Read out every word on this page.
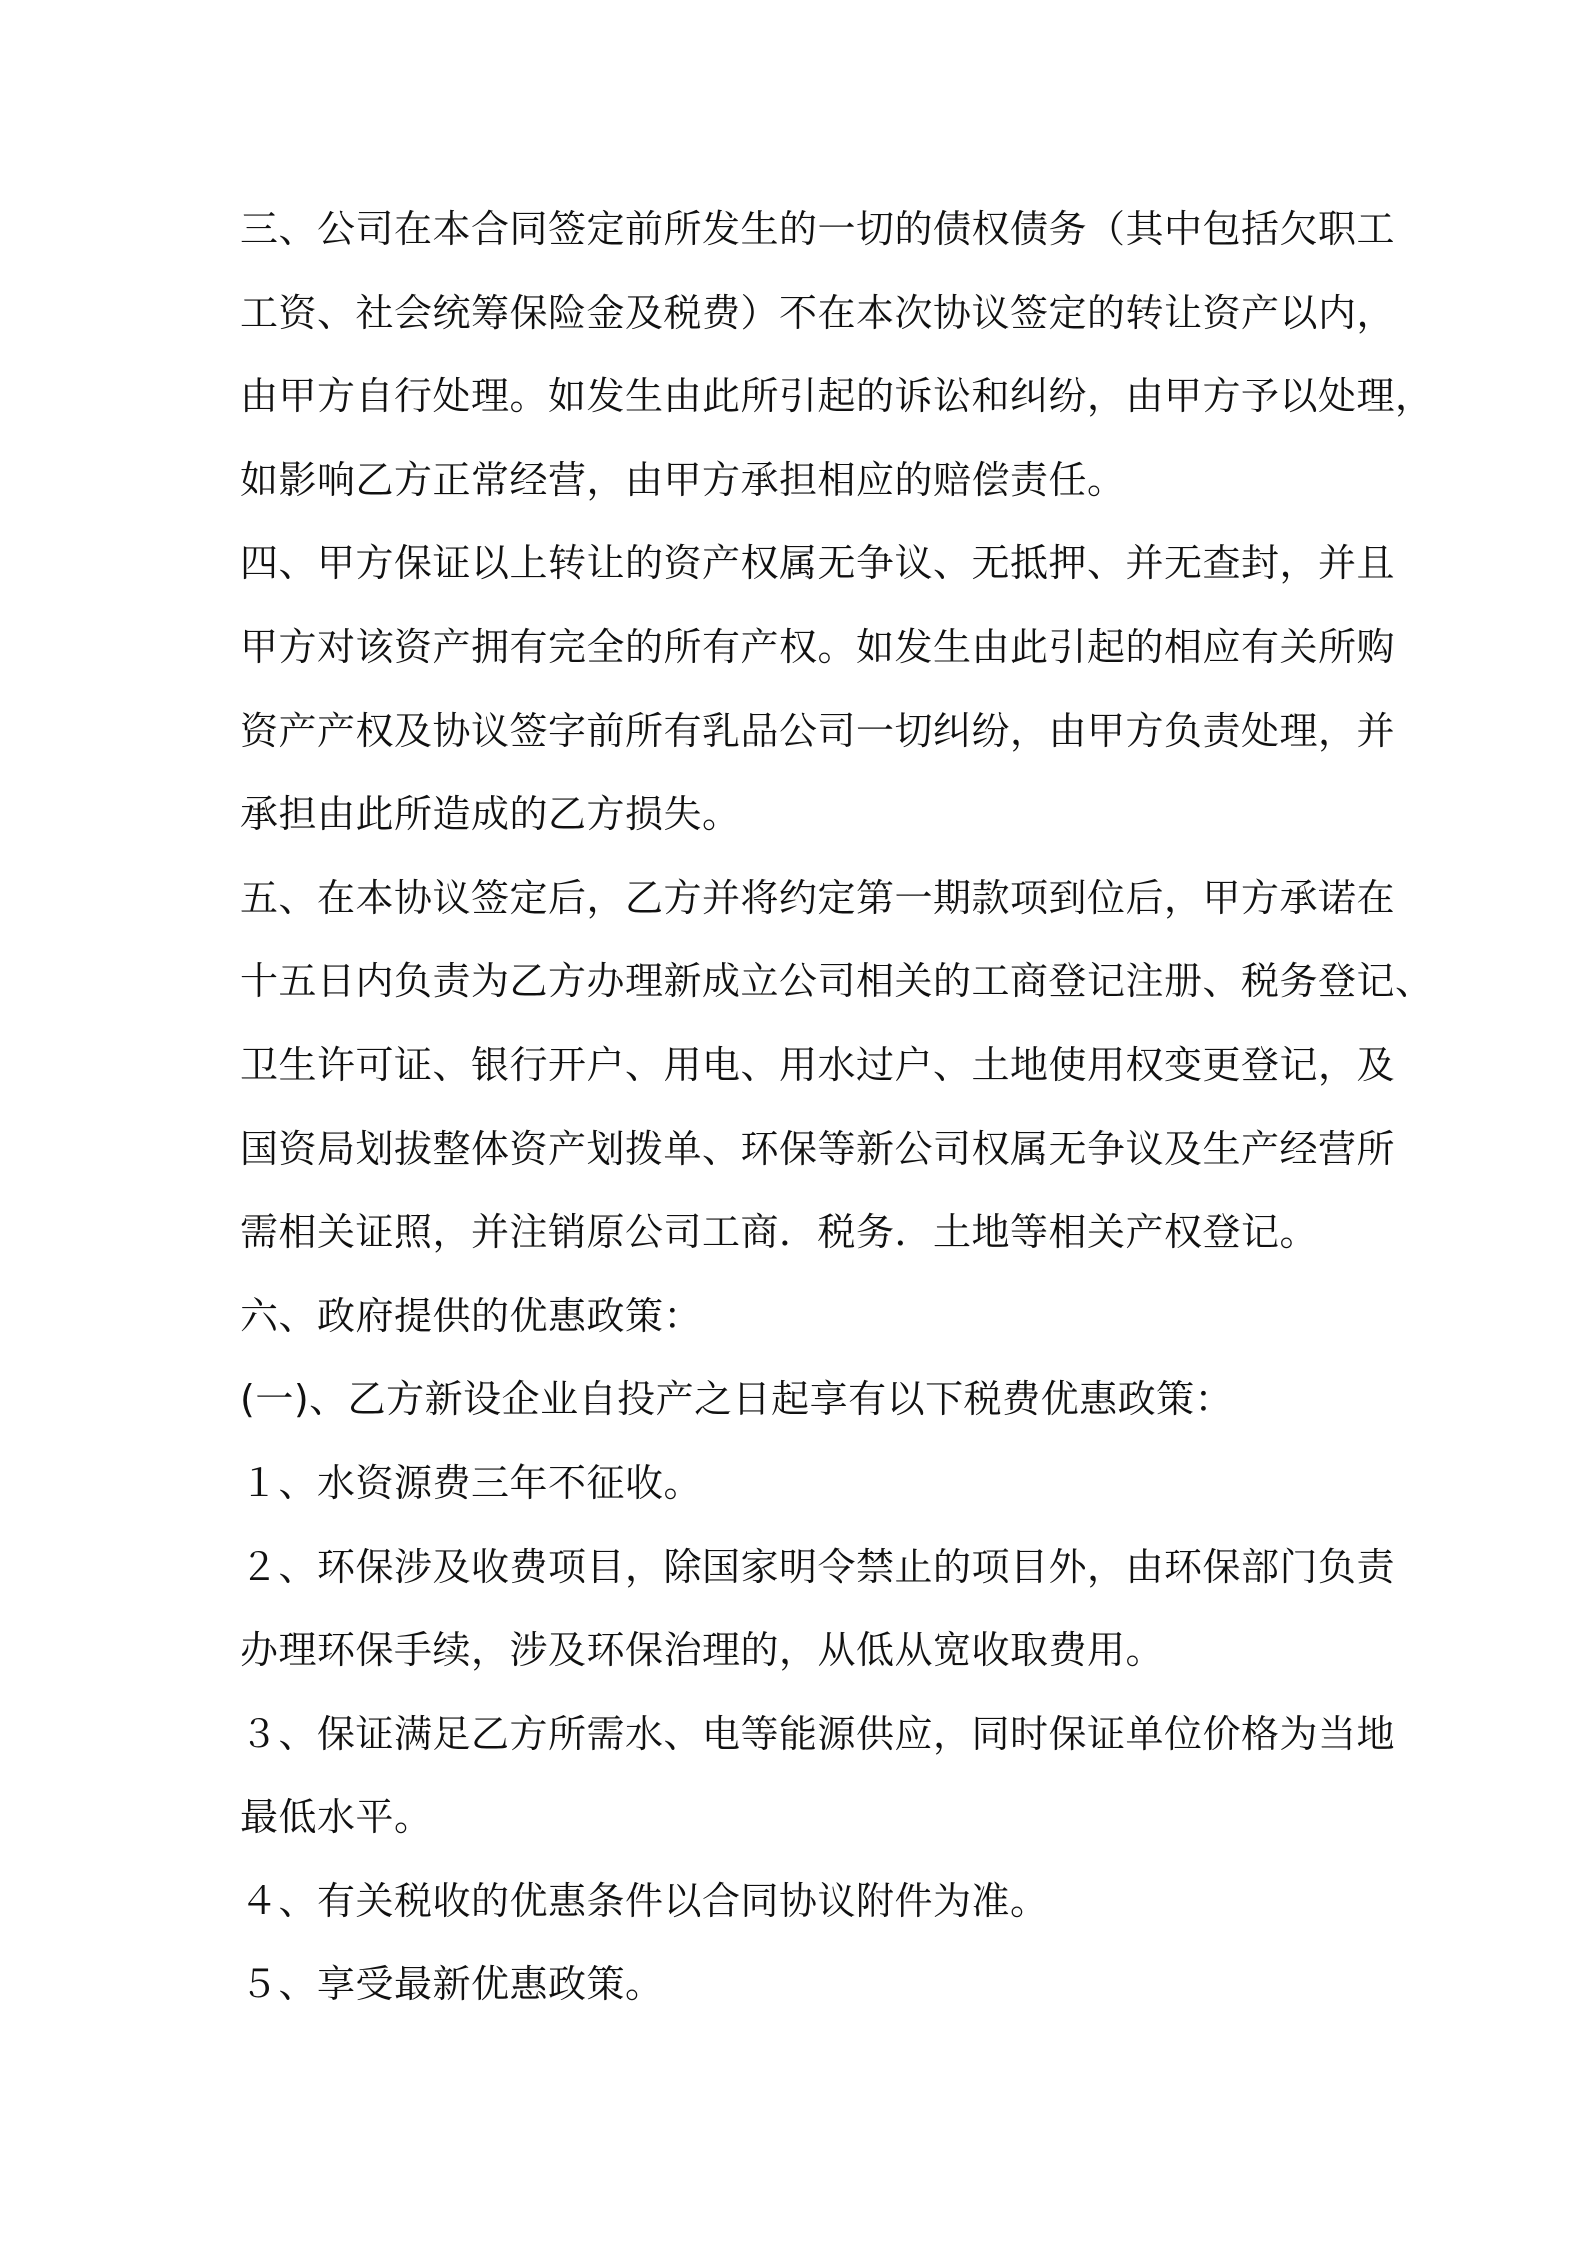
三、公司在本合同签定前所发生的一切的债权债务（其中包括欠职工
工资、社会统筹保险金及税费）不在本次协议签定的转让资产以内，
由甲方自行处理。如发生由此所引起的诉讼和纠纷，由甲方予以处理，
如影响乙方正常经营，由甲方承担相应的赔偿责任。
四、甲方保证以上转让的资产权属无争议、无抵押、并无查封，并且
甲方对该资产拥有完全的所有产权。如发生由此引起的相应有关所购
资产产权及协议签字前所有乳品公司一切纠纷，由甲方负责处理，并
承担由此所造成的乙方损失。
五、在本协议签定后，乙方并将约定第一期款项到位后，甲方承诺在
十五日内负责为乙方办理新成立公司相关的工商登记注册、税务登记、
卫生许可证、银行开户、用电、用水过户、土地使用权变更登记，及
国资局划拔整体资产划拨单、环保等新公司权属无争议及生产经营所
需相关证照，并注销原公司工商．税务．土地等相关产权登记。
六、政府提供的优惠政策：
(一)、乙方新设企业自投产之日起享有以下税费优惠政策：
１、水资源费三年不征收。
２、环保涉及收费项目，除国家明令禁止的项目外，由环保部门负责
办理环保手续，涉及环保治理的，从低从宽收取费用。
３、保证满足乙方所需水、电等能源供应，同时保证单位价格为当地
最低水平。
４、有关税收的优惠条件以合同协议附件为准。
５、享受最新优惠政策。
